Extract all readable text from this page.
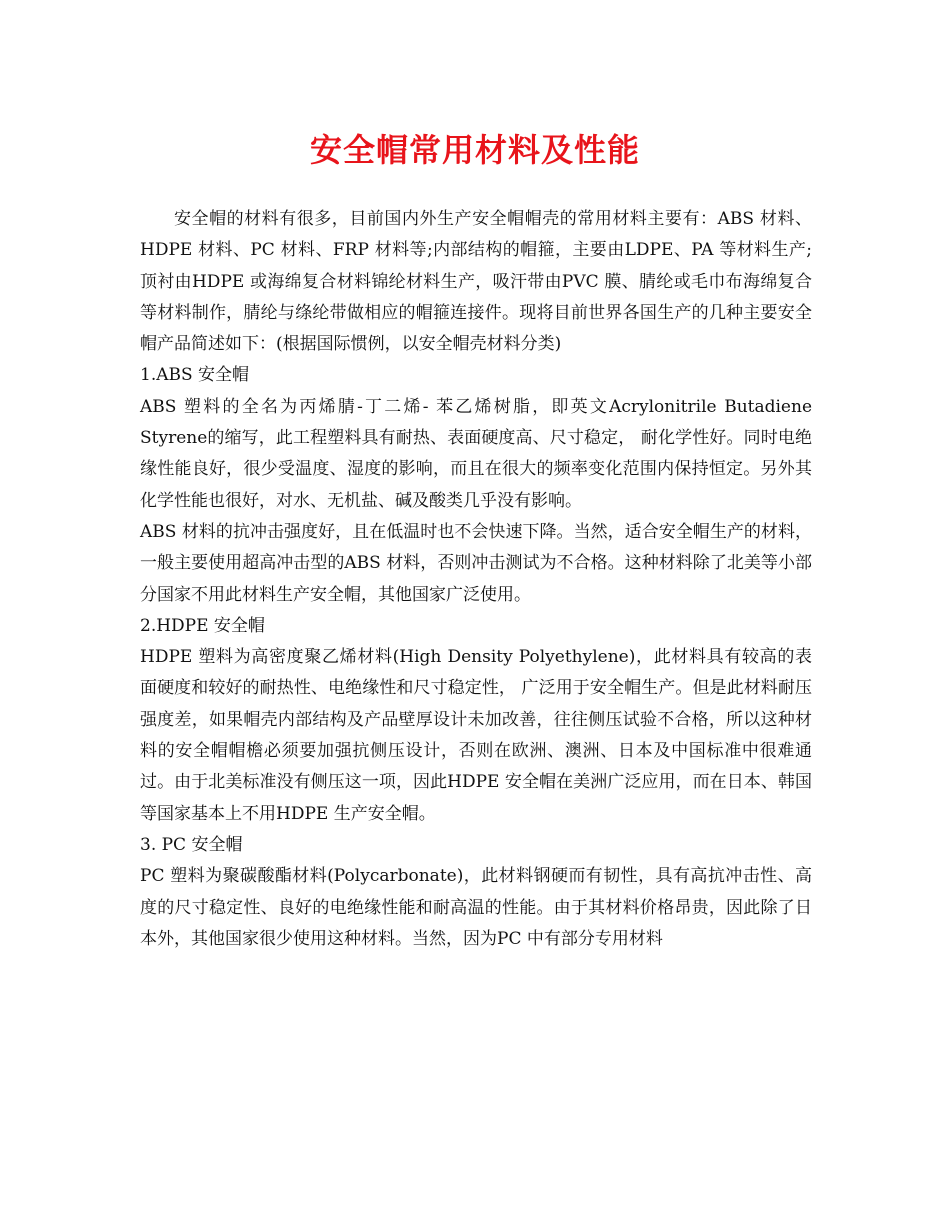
安全帽常用材料及性能

安全帽的材料有很多，目前国内外生产安全帽帽壳的常用材料主要有：ABS 材料、HDPE 材料、PC 材料、FRP 材料等;内部结构的帽箍，主要由LDPE、PA 等材料生产;顶衬由HDPE 或海绵复合材料锦纶材料生产，吸汗带由PVC 膜、腈纶或毛巾布海绵复合等材料制作，腈纶与绦纶带做相应的帽箍连接件。现将目前世界各国生产的几种主要安全帽产品简述如下：(根据国际惯例，以安全帽壳材料分类)

1.ABS 安全帽

ABS 塑料的全名为丙烯腈-丁二烯- 苯乙烯树脂，即英文Acrylonitrile Butadiene Styrene的缩写，此工程塑料具有耐热、表面硬度高、尺寸稳定， 耐化学性好。同时电绝缘性能良好，很少受温度、湿度的影响，而且在很大的频率变化范围内保持恒定。另外其化学性能也很好，对水、无机盐、碱及酸类几乎没有影响。

ABS 材料的抗冲击强度好，且在低温时也不会快速下降。当然，适合安全帽生产的材料， 一般主要使用超高冲击型的ABS 材料，否则冲击测试为不合格。这种材料除了北美等小部分国家不用此材料生产安全帽，其他国家广泛使用。

2.HDPE 安全帽

HDPE 塑料为高密度聚乙烯材料(High Density Polyethylene)，此材料具有较高的表面硬度和较好的耐热性、电绝缘性和尺寸稳定性， 广泛用于安全帽生产。但是此材料耐压强度差，如果帽壳内部结构及产品壁厚设计未加改善，往往侧压试验不合格，所以这种材料的安全帽帽檐必须要加强抗侧压设计，否则在欧洲、澳洲、日本及中国标准中很难通过。由于北美标准没有侧压这一项，因此HDPE 安全帽在美洲广泛应用，而在日本、韩国等国家基本上不用HDPE 生产安全帽。

3. PC 安全帽

PC 塑料为聚碳酸酯材料(Polycarbonate)，此材料钢硬而有韧性，具有高抗冲击性、高度的尺寸稳定性、良好的电绝缘性能和耐高温的性能。由于其材料价格昂贵，因此除了日本外，其他国家很少使用这种材料。当然，因为PC 中有部分专用材料
